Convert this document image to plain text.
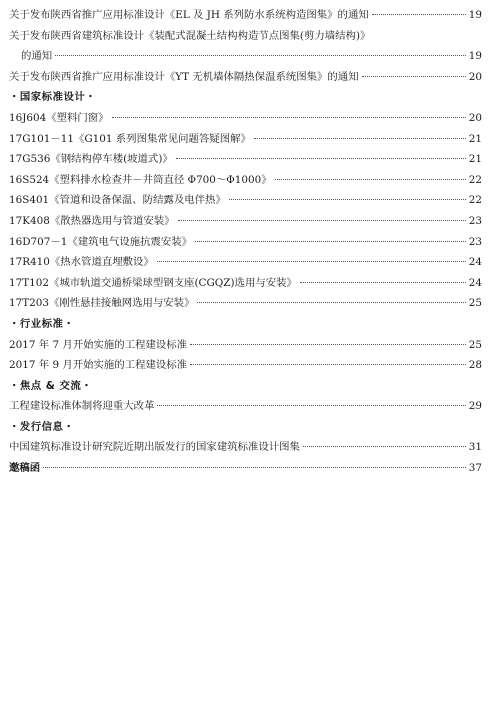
关于发布陕西省推广应用标准设计《EL 及 JH 系列防水系统构造图集》的通知	19
关于发布陕西省建筑标准设计《装配式混凝土结构构造节点图集(剪力墙结构)》
的通知	19
关于发布陕西省推广应用标准设计《YT 无机墙体隔热保温系统图集》的通知	20
・国家标准设计・
16J604《塑料门窗》	20
17G101－11《G101 系列图集常见问题答疑图解》	21
17G536《钢结构停车楼(坡道式)》	21
16S524《塑料排水检查井－井筒直径 Φ700～Φ1000》	22
16S401《管道和设备保温、防结露及电伴热》	22
17K408《散热器选用与管道安装》	23
16D707－1《建筑电气设施抗震安装》	23
17R410《热水管道直埋敷设》	24
17T102《城市轨道交通桥梁球型钢支座(CGQZ)选用与安装》	24
17T203《刚性悬挂接触网选用与安装》	25
・行业标准・
2017 年 7 月开始实施的工程建设标准	25
2017 年 9 月开始实施的工程建设标准	28
・焦点 & 交流・
工程建设标准体制将迎重大改革	29
・发行信息・
中国建筑标准设计研究院近期出版发行的国家建筑标准设计图集	31
邀稿函	37
